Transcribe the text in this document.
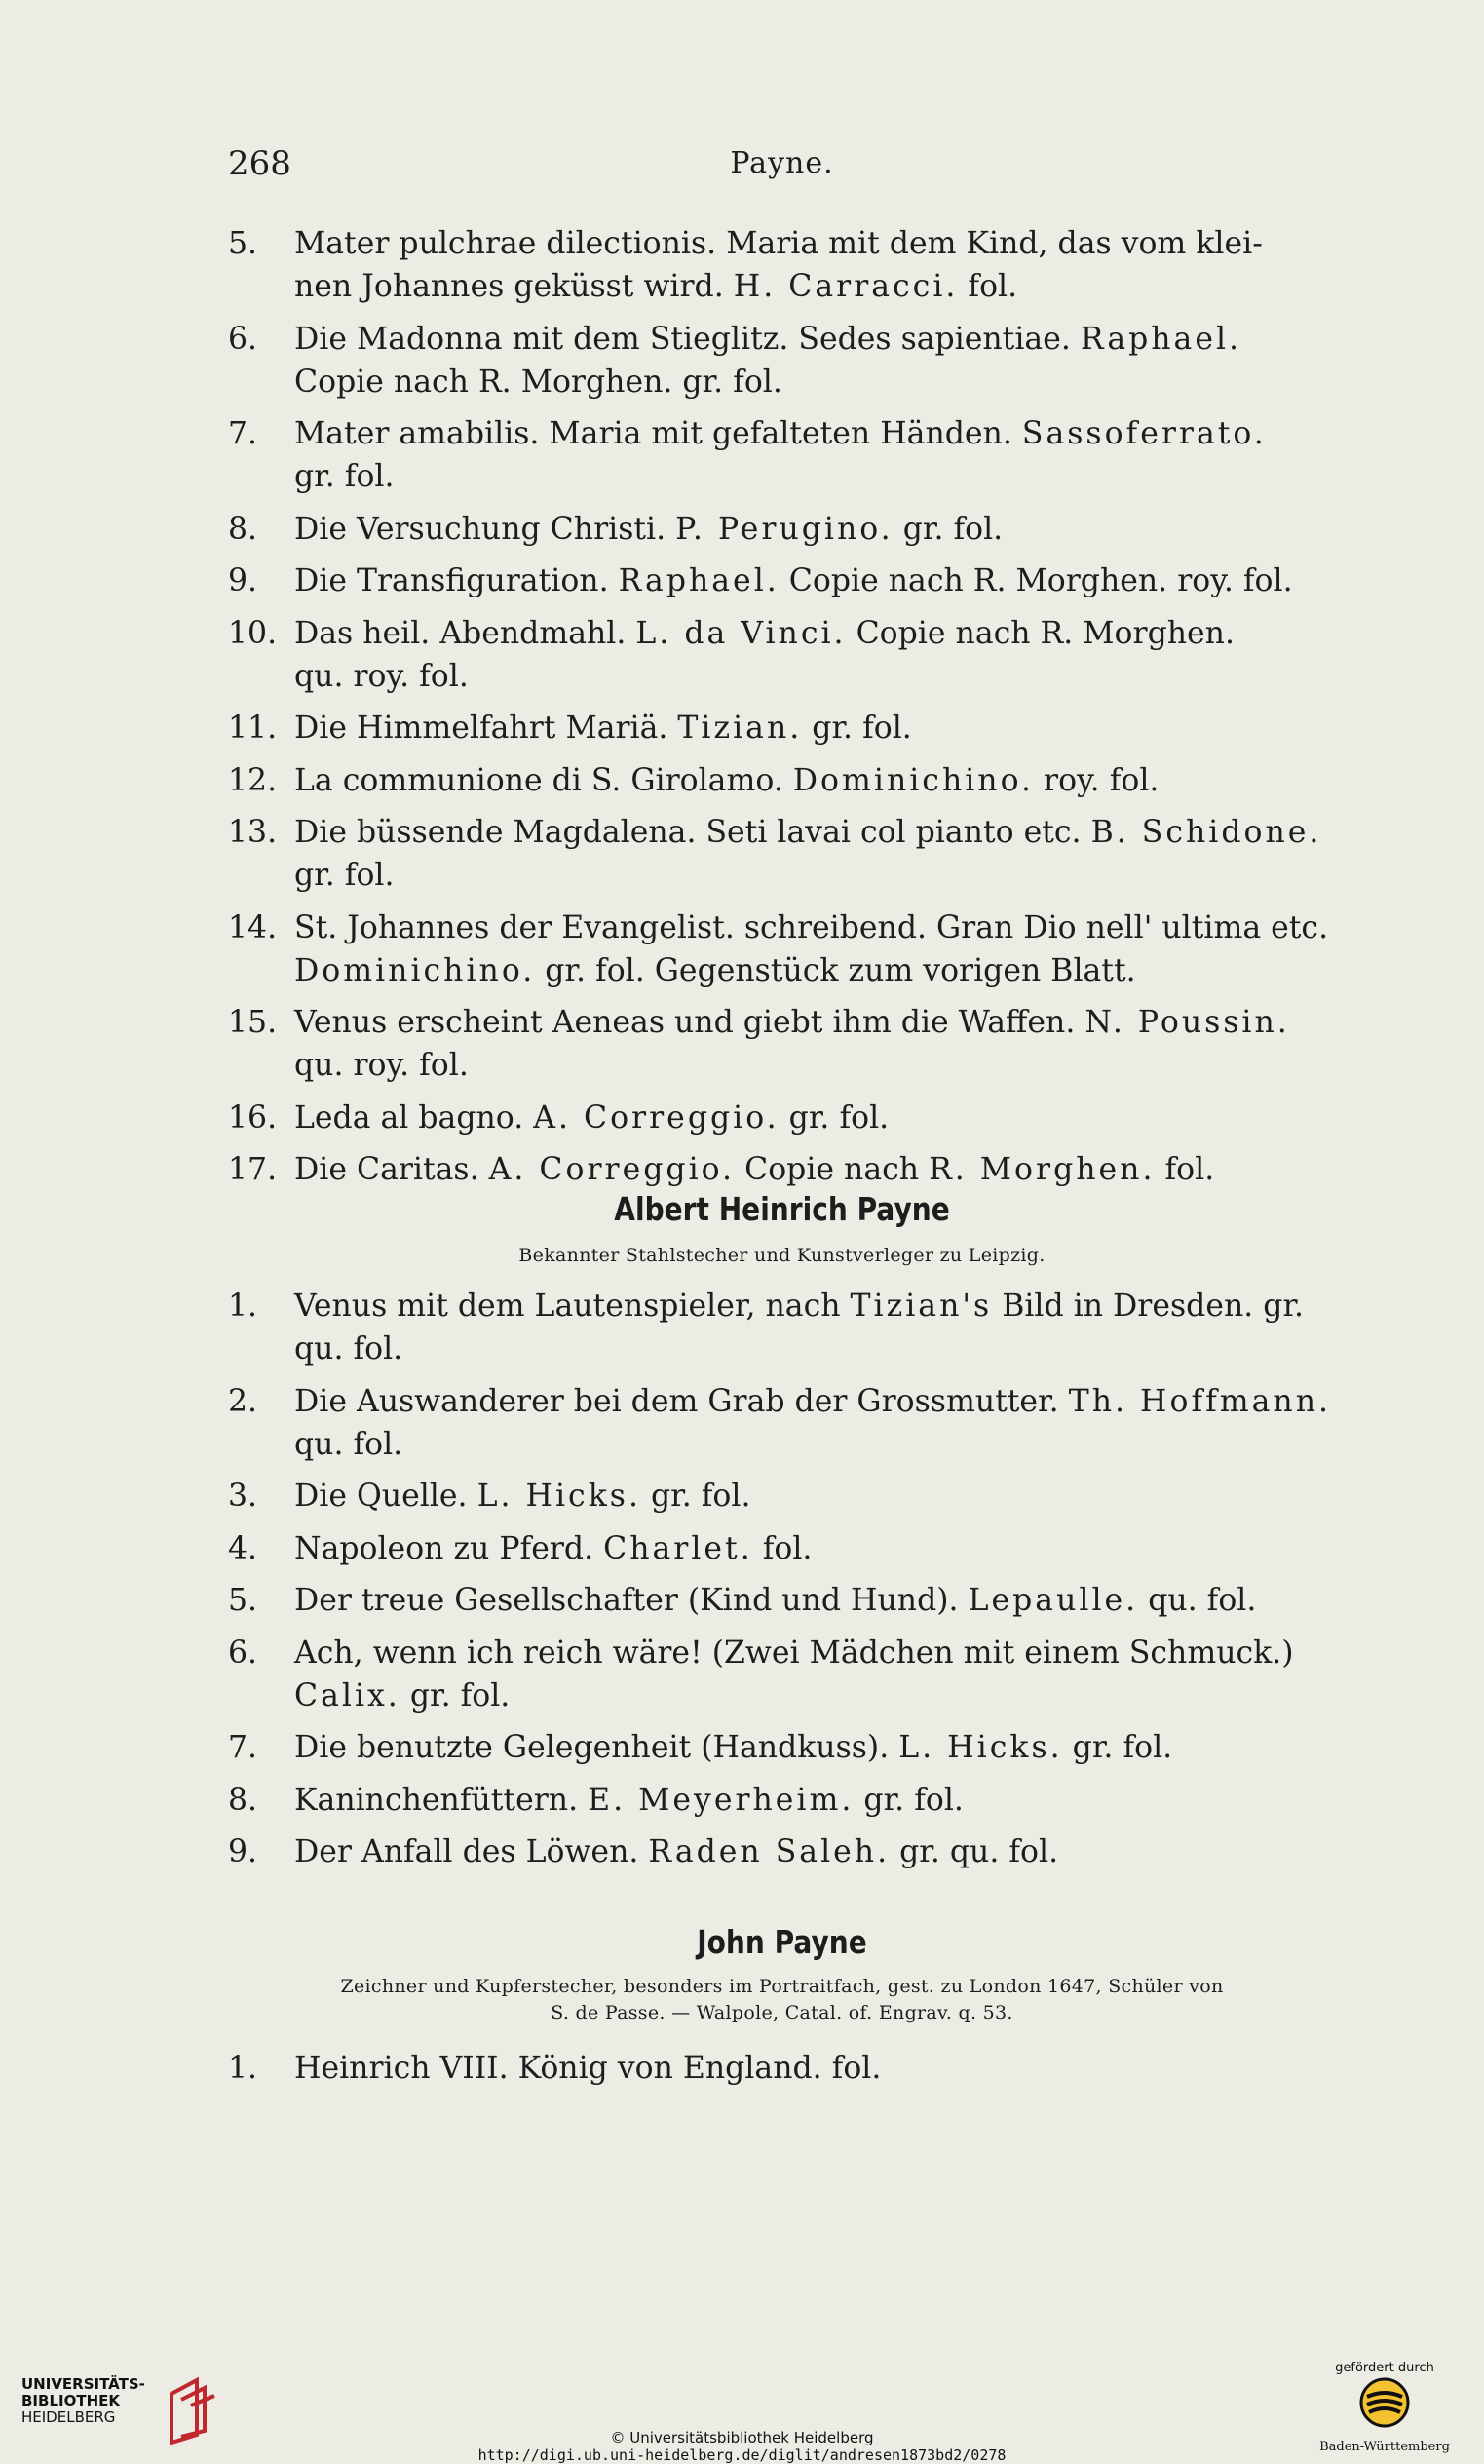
268	Payne.
5.	Mater pulchrae dilectionis. Maria mit dem Kind, das vom klei-
nen Johannes geküsst wird. H. Carracci. fol.
6.	Die Madonna mit dem Stieglitz. Sedes sapientiae. Raphael.
Copie nach R. Morghen. gr. fol.
7.	Mater amabilis. Maria mit gefalteten Händen. Sassoferrato.
gr. fol.
8.	Die Versuchung Christi. P. Perugino. gr. fol.
9.	Die Transfiguration. Raphael. Copie nach R. Morghen. roy. fol.
10. Das heil. Abendmahl. L. da Vinci. Copie nach R. Morghen.
qu. roy. fol.
11. Die Himmelfahrt Mariä. Tizian. gr. fol.
12. La communione di S. Girolamo. Dominichino. roy. fol.
13. Die büssende Magdalena. Seti lavai col pianto etc. B. Schidone.
gr. fol.
14. St. Johannes der Evangelist. schreibend. Gran Dio nell' ultima etc.
Dominichino. gr. fol. Gegenstück zum vorigen Blatt.
15. Venus erscheint Aeneas und giebt ihm die Waffen. N. Poussin.
qu. roy. fol.
16. Leda al bagno. A. Correggio. gr. fol.
17. Die Caritas. A. Correggio. Copie nach R. Morghen. fol.
Albert Heinrich Payne
Bekannter Stahlstecher und Kunstverleger zu Leipzig.
1.	Venus mit dem Lautenspieler, nach Tizian's Bild in Dresden. gr.
qu. fol.
2.	Die Auswanderer bei dem Grab der Grossmutter. Th. Hoffmann.
qu. fol.
3.	Die Quelle. L. Hicks. gr. fol.
4.	Napoleon zu Pferd. Charlet. fol.
5.	Der treue Gesellschafter (Kind und Hund). Lepaulle. qu. fol.
6.	Ach, wenn ich reich wäre! (Zwei Mädchen mit einem Schmuck.)
Calix. gr. fol.
7.	Die benutzte Gelegenheit (Handkuss). L. Hicks. gr. fol.
8.	Kaninchenfüttern. E. Meyerheim. gr. fol.
9.	Der Anfall des Löwen. Raden Saleh. gr. qu. fol.
John Payne
Zeichner und Kupferstecher, besonders im Portraitfach, gest. zu London 1647, Schüler von
S. de Passe. — Walpole, Catal. of. Engrav. q. 53.
1.	Heinrich VIII. König von England. fol.
UNIVERSITÄTS-
BIBLIOTHEK
HEIDELBERG
© Universitätsbibliothek Heidelberg
http://digi.ub.uni-heidelberg.de/diglit/andresen1873bd2/0278
gefördert durch
Baden-Württemberg
